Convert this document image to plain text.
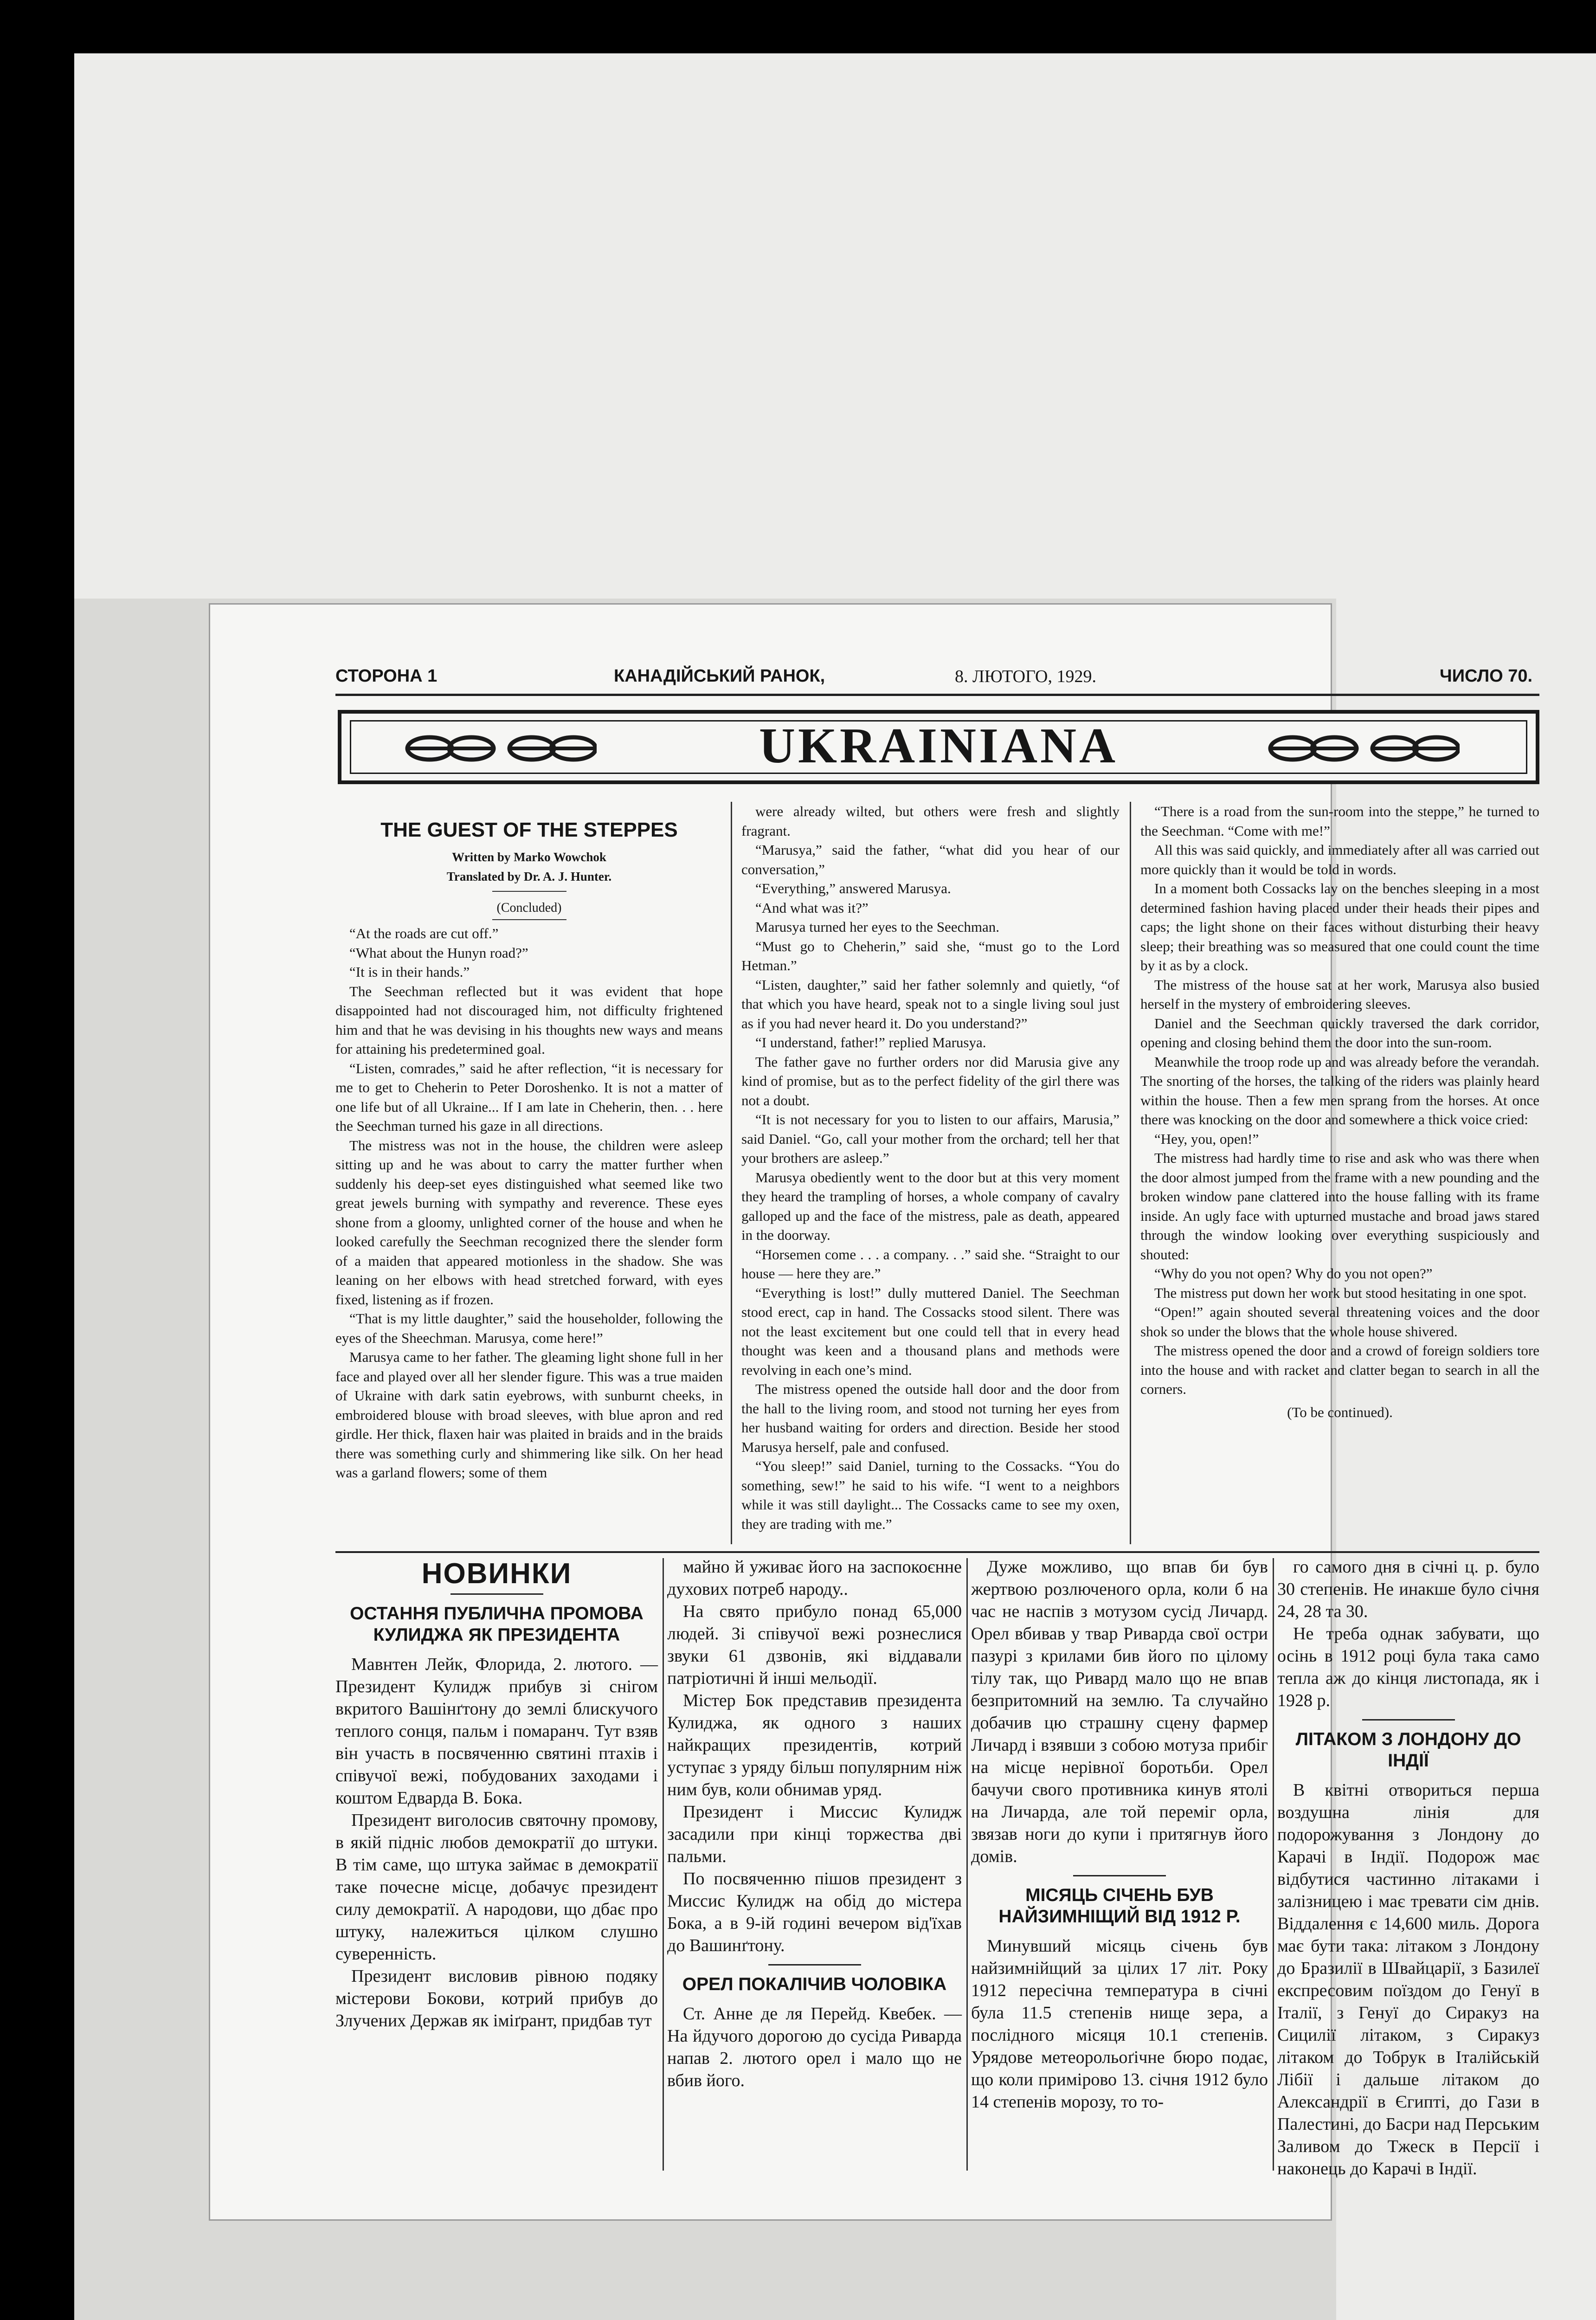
СТОРОНА 1	КАНАДІЙСЬКИЙ РАНОК,	8. ЛЮТОГО, 1929.	ЧИСЛО 70.
UKRAINIANA
THE GUEST OF THE STEPPES
Written by Marko Wowchok
Translated by Dr. A. J. Hunter.
(Concluded)

“At the roads are cut off.”

“What about the Hunyn road?”

“It is in their hands.”

The Seechman reflected but it was evident that hope disappointed had not discouraged him, not difficulty frightened him and that he was devising in his thoughts new ways and means for attaining his predetermined goal.

“Listen, comrades,” said he after reflection, “it is necessary for me to get to Cheherin to Peter Doroshenko. It is not a matter of one life but of all Ukraine... If I am late in Cheherin, then. . . here the Seechman turned his gaze in all directions.

The mistress was not in the house, the children were asleep sitting up and he was about to carry the matter further when suddenly his deep-set eyes distinguished what seemed like two great jewels burning with sympathy and reverence. These eyes shone from a gloomy, unlighted corner of the house and when he looked carefully the Seechman recognized there the slender form of a maiden that appeared motionless in the shadow. She was leaning on her elbows with head stretched forward, with eyes fixed, listening as if frozen.

“That is my little daughter,” said the householder, following the eyes of the Sheechman. Marusya, come here!”

Marusya came to her father. The gleaming light shone full in her face and played over all her slender figure. This was a true maiden of Ukraine with dark satin eyebrows, with sunburnt cheeks, in embroidered blouse with broad sleeves, with blue apron and red girdle. Her thick, flaxen hair was plaited in braids and in the braids there was something curly and shimmering like silk. On her head was a garland flowers; some of them

were already wilted, but others were fresh and slightly fragrant.

“Marusya,” said the father, “what did you hear of our conversation,”

“Everything,” answered Marusya.

“And what was it?”

Marusya turned her eyes to the Seechman.

“Must go to Cheherin,” said she, “must go to the Lord Hetman.”

“Listen, daughter,” said her father solemnly and quietly, “of that which you have heard, speak not to a single living soul just as if you had never heard it. Do you understand?”

“I understand, father!” replied Marusya.

The father gave no further orders nor did Marusia give any kind of promise, but as to the perfect fidelity of the girl there was not a doubt.

“It is not necessary for you to listen to our affairs, Marusia,” said Daniel. “Go, call your mother from the orchard; tell her that your brothers are asleep.”

Marusya obediently went to the door but at this very moment they heard the trampling of horses, a whole company of cavalry galloped up and the face of the mistress, pale as death, appeared in the doorway.

“Horsemen come . . . a company. . .” said she. “Straight to our house — here they are.”

“Everything is lost!” dully muttered Daniel. The Seechman stood erect, cap in hand. The Cossacks stood silent. There was not the least excitement but one could tell that in every head thought was keen and a thousand plans and methods were revolving in each one’s mind.

The mistress opened the outside hall door and the door from the hall to the living room, and stood not turning her eyes from her husband waiting for orders and direction. Beside her stood Marusya herself, pale and confused.

“You sleep!” said Daniel, turning to the Cossacks. “You do something, sew!” he said to his wife. “I went to a neighbors while it was still daylight... The Cossacks came to see my oxen, they are trading with me.”

“There is a road from the sun-room into the steppe,” he turned to the Seechman. “Come with me!”

All this was said quickly, and immediately after all was carried out more quickly than it would be told in words.

In a moment both Cossacks lay on the benches sleeping in a most determined fashion having placed under their heads their pipes and caps; the light shone on their faces without disturbing their heavy sleep; their breathing was so measured that one could count the time by it as by a clock.

The mistress of the house sat at her work, Marusya also busied herself in the mystery of embroidering sleeves.

Daniel and the Seechman quickly traversed the dark corridor, opening and closing behind them the door into the sun-room.

Meanwhile the troop rode up and was already before the verandah. The snorting of the horses, the talking of the riders was plainly heard within the house. Then a few men sprang from the horses. At once there was knocking on the door and somewhere a thick voice cried:

“Hey, you, open!”

The mistress had hardly time to rise and ask who was there when the door almost jumped from the frame with a new pounding and the broken window pane clattered into the house falling with its frame inside. An ugly face with upturned mustache and broad jaws stared through the window looking over everything suspiciously and shouted:

“Why do you not open? Why do you not open?”

The mistress put down her work but stood hesitating in one spot.

“Open!” again shouted several threatening voices and the door shok so under the blows that the whole house shivered.

The mistress opened the door and a crowd of foreign soldiers tore into the house and with racket and clatter began to search in all the corners.

(To be continued).
НОВИНКИ
ОСТАННЯ ПУБЛИЧНА ПРОМОВА КУЛИДЖА ЯК ПРЕЗИДЕНТА

Мавнтен Лейк, Флорида, 2. лютого. — Президент Кулидж прибув зі снігом вкритого Вашінґтону до землі блискучого теплого сонця, пальм і помаранч. Тут взяв він участь в посвяченню святині птахів і співучої вежі, побудованих заходами і коштом Едварда В. Бока.

Президент виголосив святочну промову, в якій підніс любов демократії до штуки. В тім саме, що штука займає в демократії таке почесне місце, добачує президент силу демократії. А народови, що дбає про штуку, належиться цілком слушно суверенність.

Президент висловив рівною подяку містерови Бокови, котрий прибув до Злучених Держав як іміґрант, придбав тут

майно й уживає його на заспокоєнне духових потреб народу..

На свято прибуло понад 65,000 людей. Зі співучої вежі рознеслися звуки 61 дзвонів, які віддавали патріотичні й інші мельодії.

Містер Бок представив президента Кулиджа, як одного з наших найкращих президентів, котрий уступає з уряду більш популярним ніж ним був, коли обнимав уряд.

Президент і Миссис Кулидж засадили при кінці торжества дві пальми.

По посвяченню пішов президент з Миссис Кулидж на обід до містера Бока, а в 9-ій годині вечером від'їхав до Вашинґтону.

ОРЕЛ ПОКАЛІЧИВ ЧОЛОВІКА

Ст. Анне де ля Перейд. Квебек. — На йдучого дорогою до сусіда Риварда напав 2. лютого орел і мало що не вбив його.

Дуже можливо, що впав би був жертвою розлюченого орла, коли б на час не наспів з мотузом сусід Личард. Орел вбивав у твар Риварда свої остри пазурі з крилами бив його по цілому тілу так, що Ривард мало що не впав безпритомний на землю. Та случайно добачив цю страшну сцену фармер Личард і взявши з собою мотуза прибіг на місце нерівної боротьби. Орел бачучи свого противника кинув ятолі на Личарда, але той переміг орла, звязав ноги до купи і притягнув його домів.

МІСЯЦЬ СІЧЕНЬ БУВ НАЙЗИМНІЩИЙ ВІД 1912 Р.

Минувший місяць січень був найзимнійщий за цілих 17 літ. Року 1912 пересічна температура в січні була 11.5 степенів нище зера, а послідного місяця 10.1 степенів. Урядове метеорольоґічне бюро подає, що коли примірово 13. січня 1912 було 14 степенів морозу, то то-

го самого дня в січні ц. р. було 30 степенів. Не инакше було січня 24, 28 та 30.

Не треба однак забувати, що осінь в 1912 році була така само тепла аж до кінця листопада, як і 1928 р.

ЛІТАКОМ З ЛОНДОНУ ДО ІНДІЇ

В квітні отвориться перша воздушна лінія для подорожування з Лондону до Карачі в Індії. Подорож має відбутися частинно літаками і залізницею і має тревати сім днів. Віддалення є 14,600 миль. Дорога має бути така: літаком з Лондону до Бразилії в Швайцарії, з Базилеї експресовим поїздом до Генуї в Італії, з Генуї до Сиракуз на Сицилії літаком, з Сиракуз літаком до Тобрук в Італійській Лібії і дальше літаком до Александрії в Єгипті, до Гази в Палестині, до Басри над Перським Заливом до Тжеск в Персії і наконець до Карачі в Індії.
